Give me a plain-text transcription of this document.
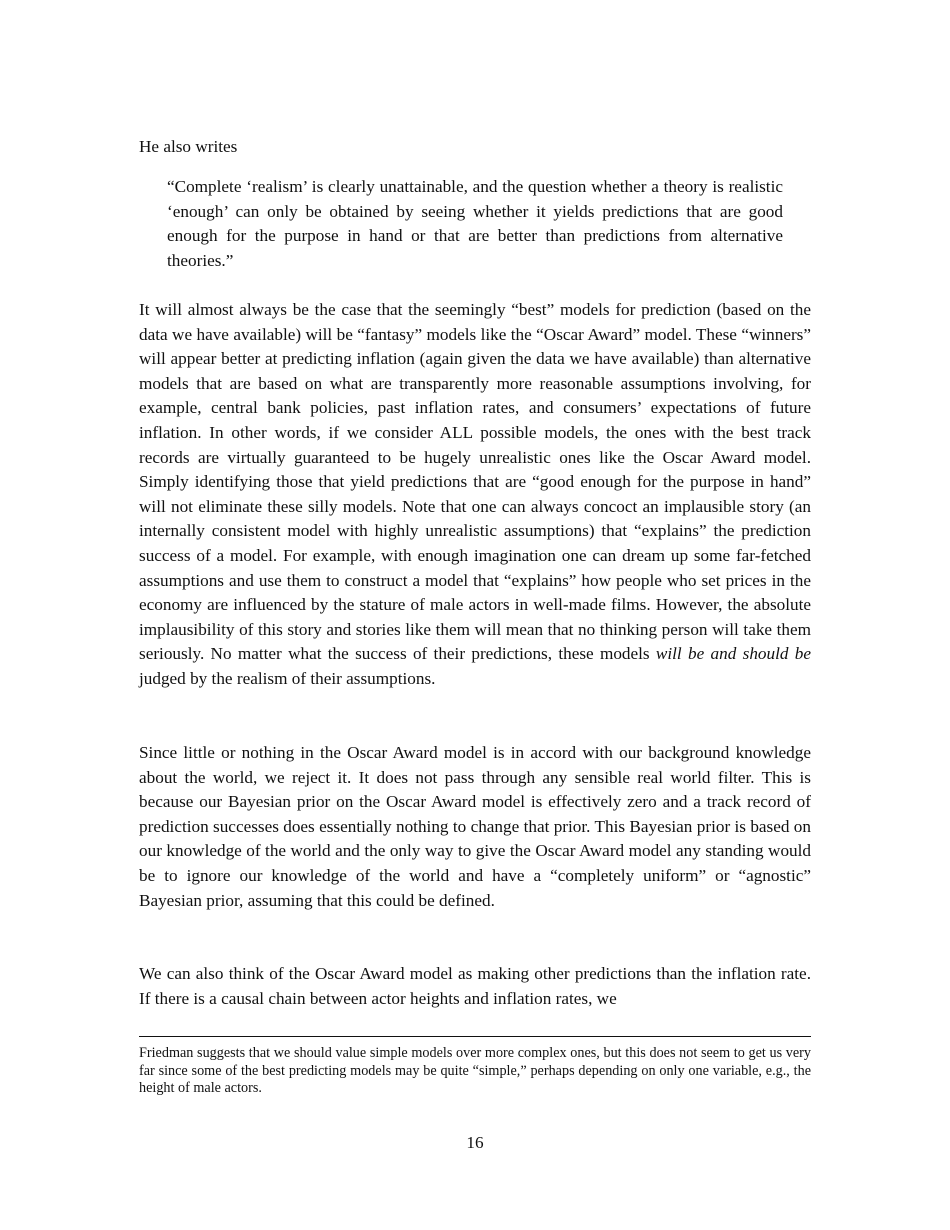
He also writes

“Complete ‘realism’ is clearly unattainable, and the question whether a theory is realistic ‘enough’ can only be obtained by seeing whether it yields predictions that are good enough for the purpose in hand or that are better than predictions from alternative theories.”

It will almost always be the case that the seemingly “best” models for prediction (based on the data we have available) will be “fantasy” models like the “Oscar Award” model. These “winners” will appear better at predicting inflation (again given the data we have available) than alternative models that are based on what are transparently more reasonable assumptions involving, for example, central bank policies, past inflation rates, and consumers’ expectations of future inflation. In other words, if we consider ALL possible models, the ones with the best track records are virtually guaranteed to be hugely unrealistic ones like the Oscar Award model. Simply identifying those that yield predictions that are “good enough for the purpose in hand” will not eliminate these silly models. Note that one can always concoct an implausible story (an internally consistent model with highly unrealistic assumptions) that “explains” the prediction success of a model. For example, with enough imagination one can dream up some far-fetched assumptions and use them to construct a model that “explains” how people who set prices in the economy are influenced by the stature of male actors in well-made films. However, the absolute implausibility of this story and stories like them will mean that no thinking person will take them seriously. No matter what the success of their predictions, these models will be and should be judged by the realism of their assumptions.

Since little or nothing in the Oscar Award model is in accord with our background knowledge about the world, we reject it. It does not pass through any sensible real world filter. This is because our Bayesian prior on the Oscar Award model is effectively zero and a track record of prediction successes does essentially nothing to change that prior. This Bayesian prior is based on our knowledge of the world and the only way to give the Oscar Award model any standing would be to ignore our knowledge of the world and have a “completely uniform” or “agnostic” Bayesian prior, assuming that this could be defined.

We can also think of the Oscar Award model as making other predictions than the inflation rate. If there is a causal chain between actor heights and inflation rates, we

Friedman suggests that we should value simple models over more complex ones, but this does not seem to get us very far since some of the best predicting models may be quite “simple,” perhaps depending on only one variable, e.g., the height of male actors.

16
